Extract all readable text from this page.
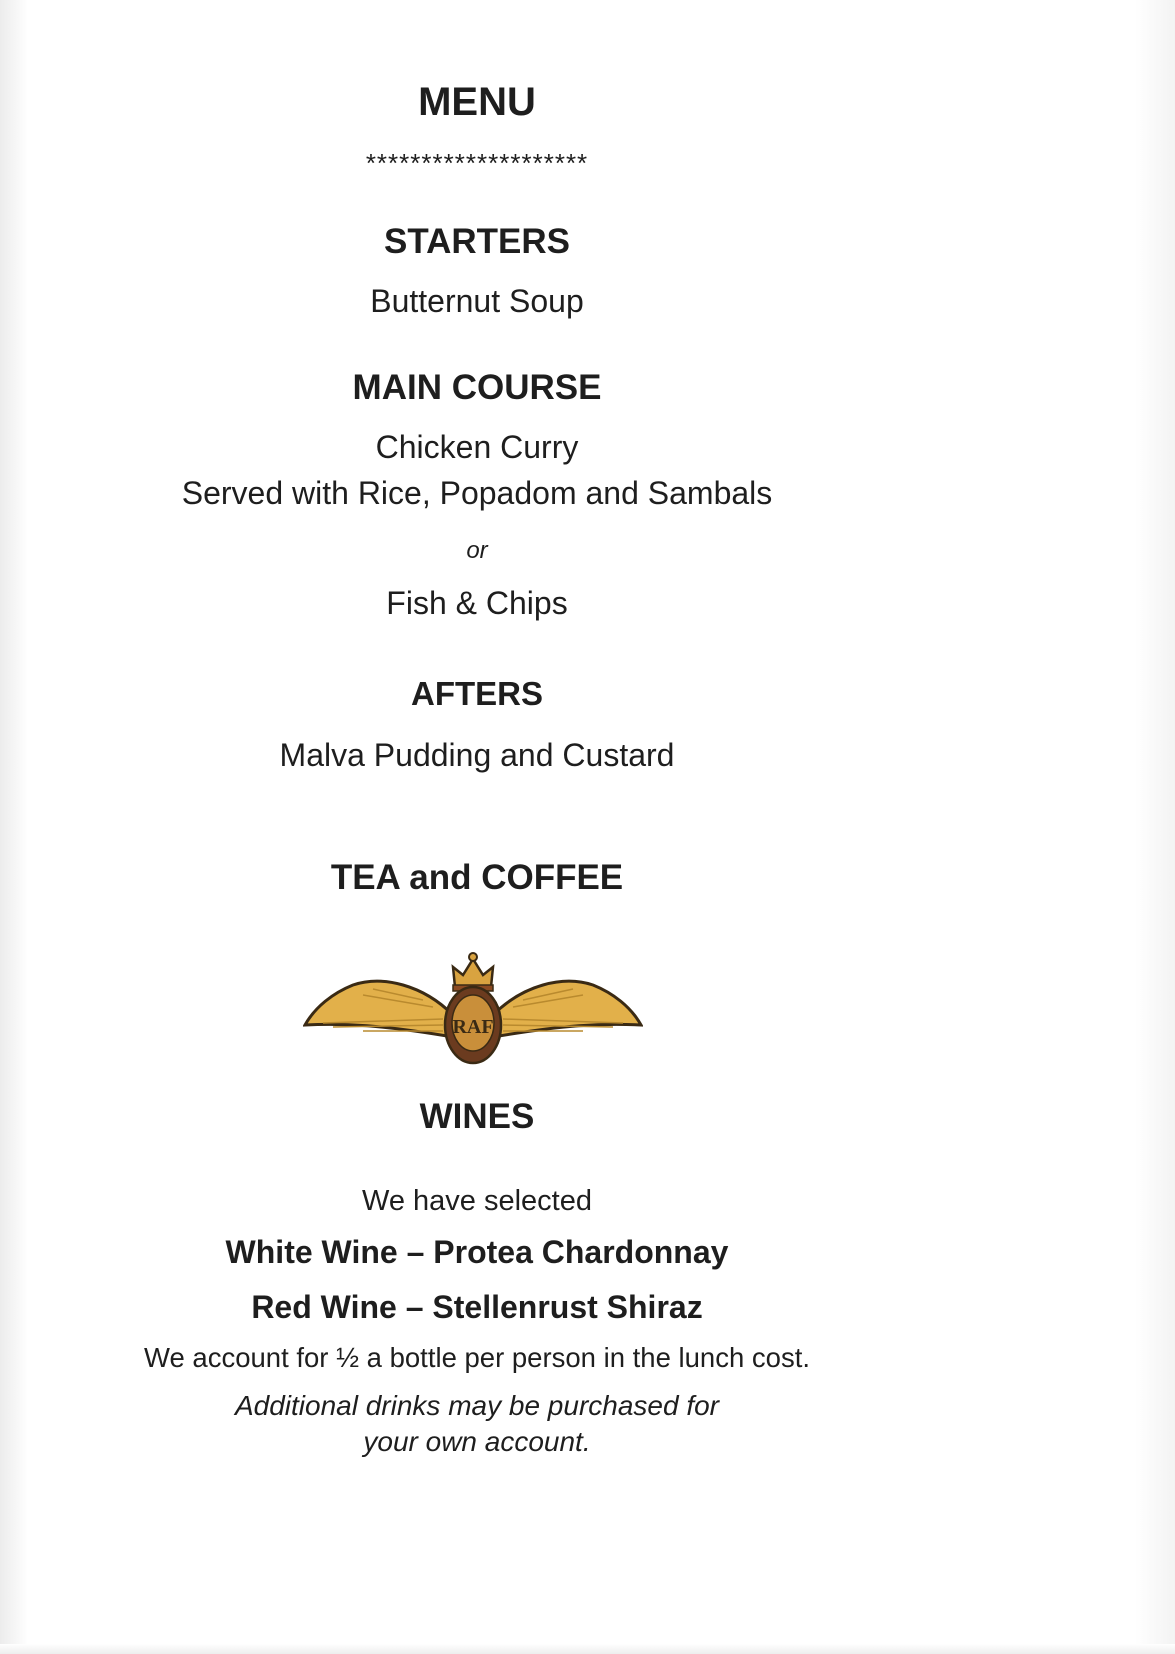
MENU

********************

STARTERS

Butternut Soup

MAIN COURSE

Chicken Curry

Served with Rice, Popadom and Sambals

or

Fish & Chips

AFTERS

Malva Pudding and Custard

TEA and COFFEE

WINES

We have selected

White Wine – Protea Chardonnay

Red Wine – Stellenrust Shiraz

We account for ½ a bottle per person in the lunch cost.

Additional drinks may be purchased for your own account.

RAF
